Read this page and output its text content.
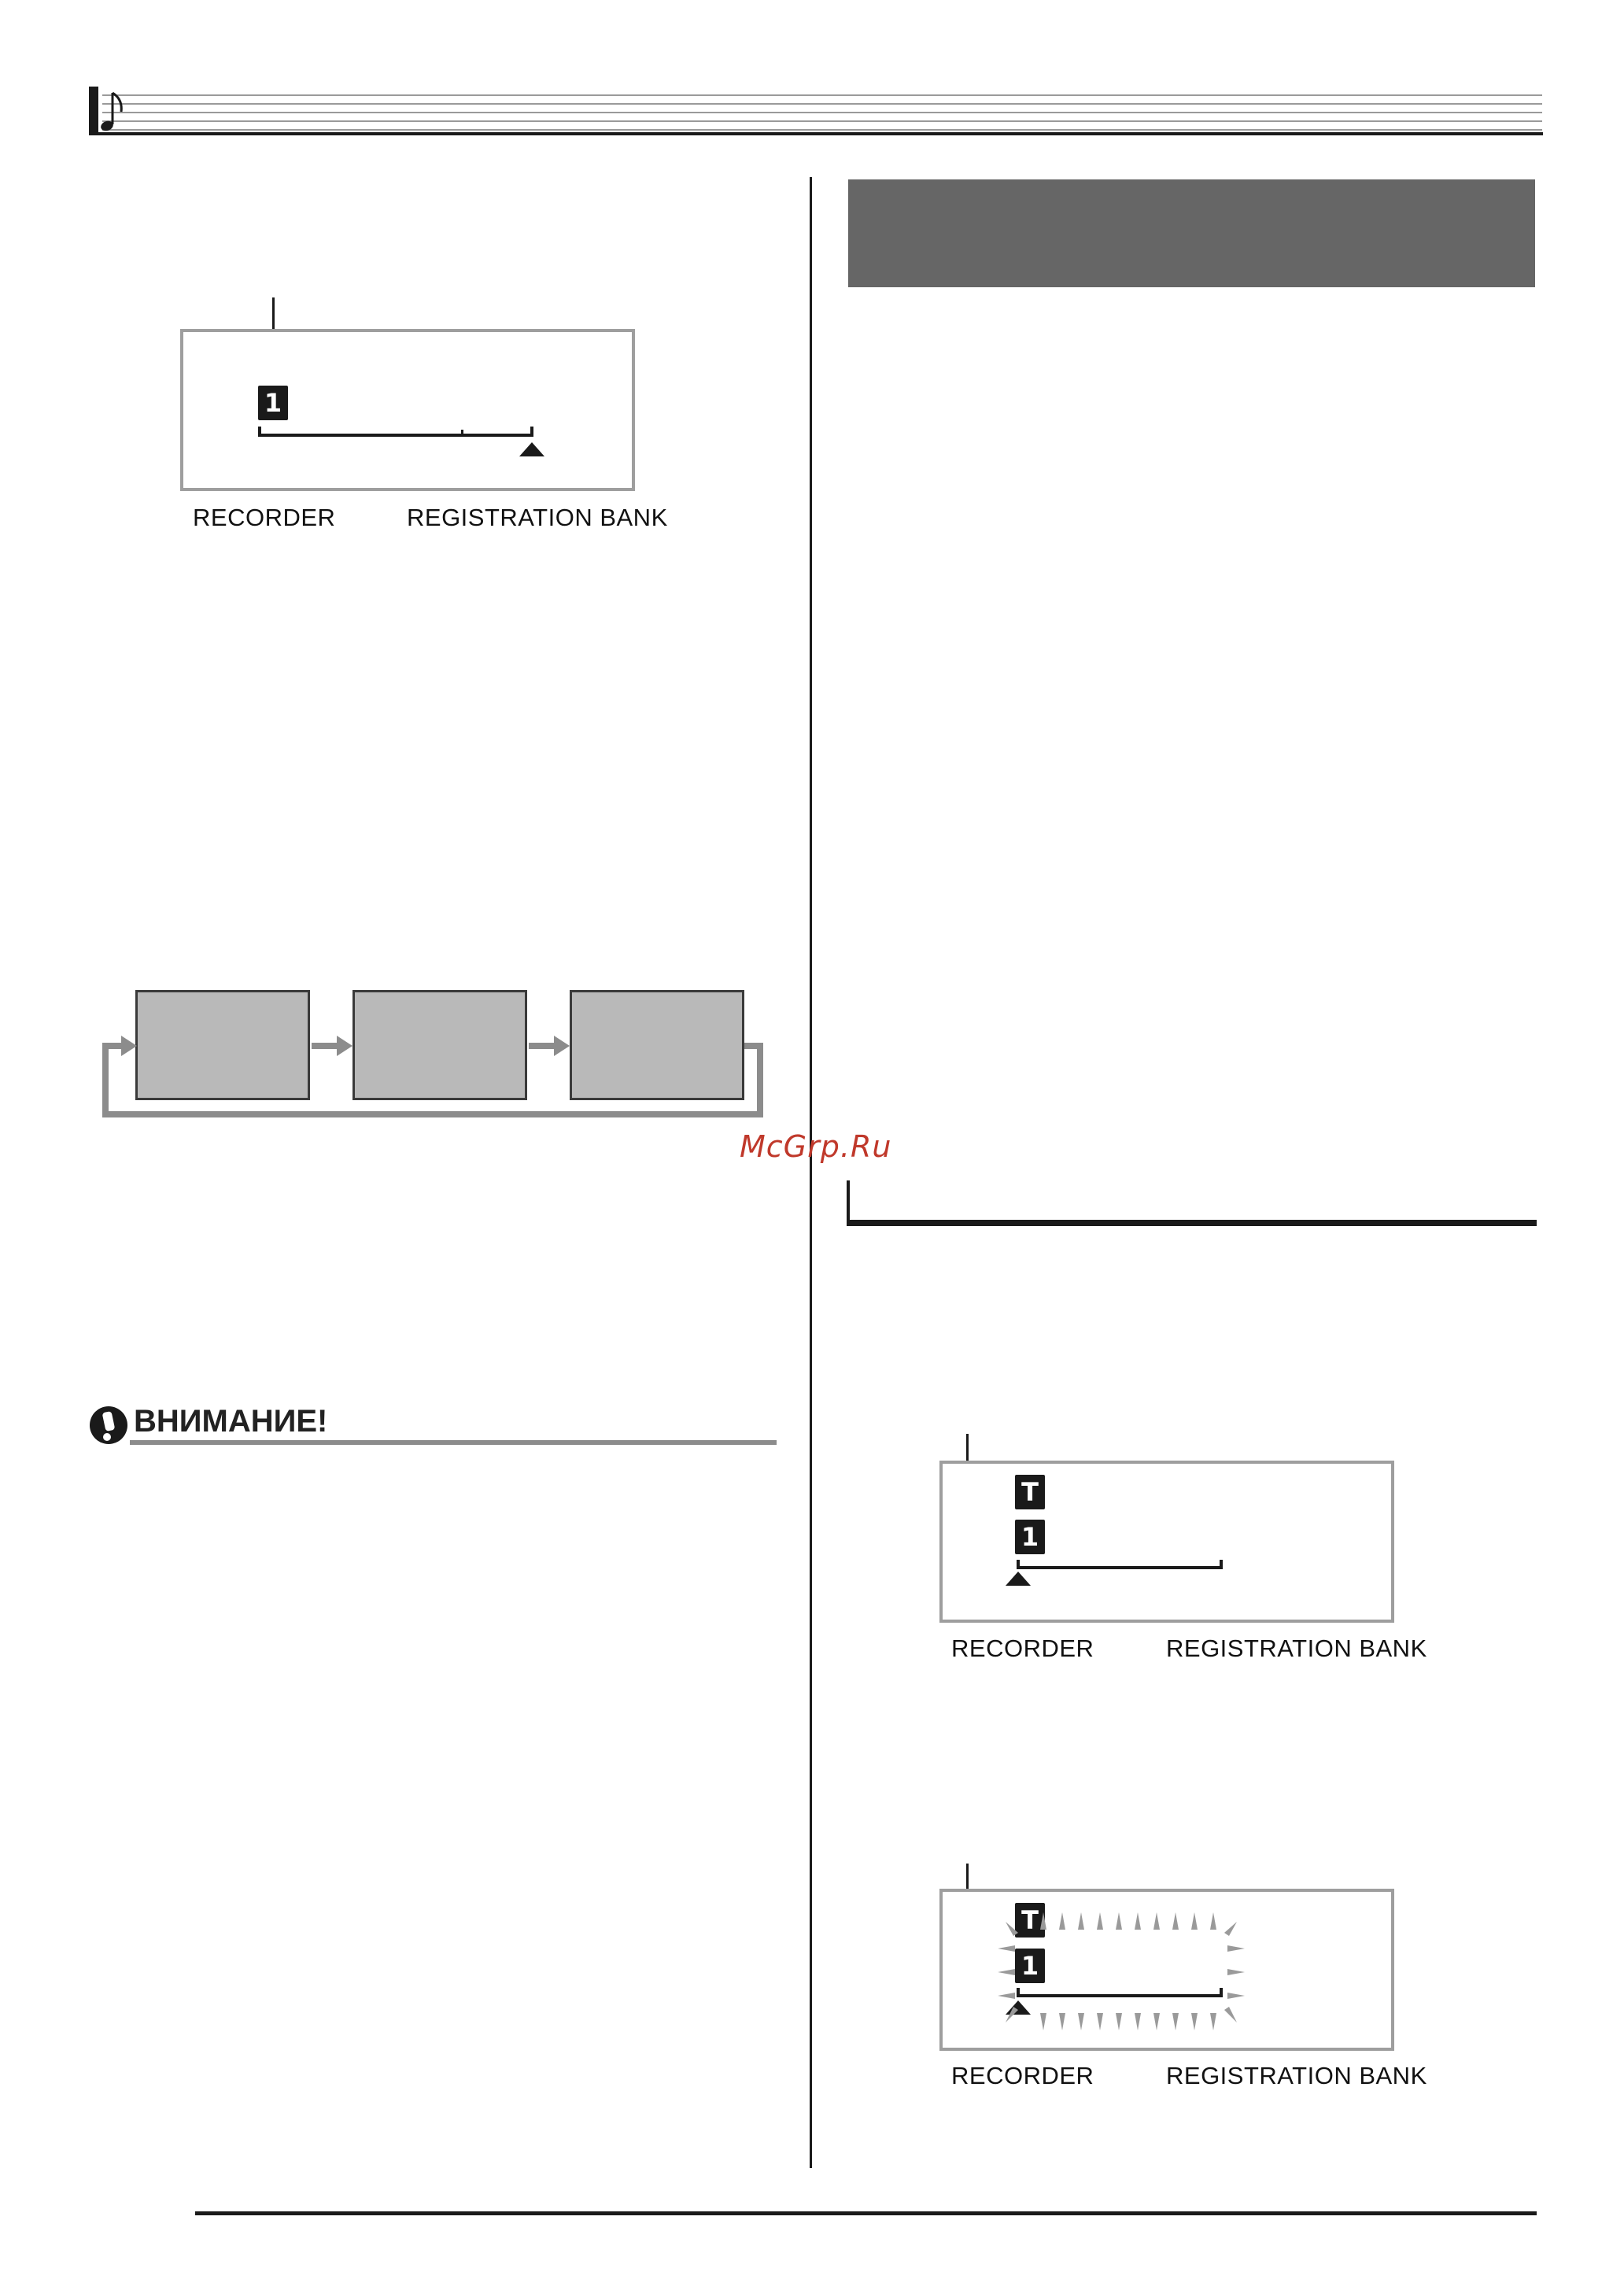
1
RECORDER	REGISTRATION BANK
McGrp.Ru
ВНИМАНИЕ!
T
1
RECORDER	REGISTRATION BANK
T
1
RECORDER	REGISTRATION BANK
